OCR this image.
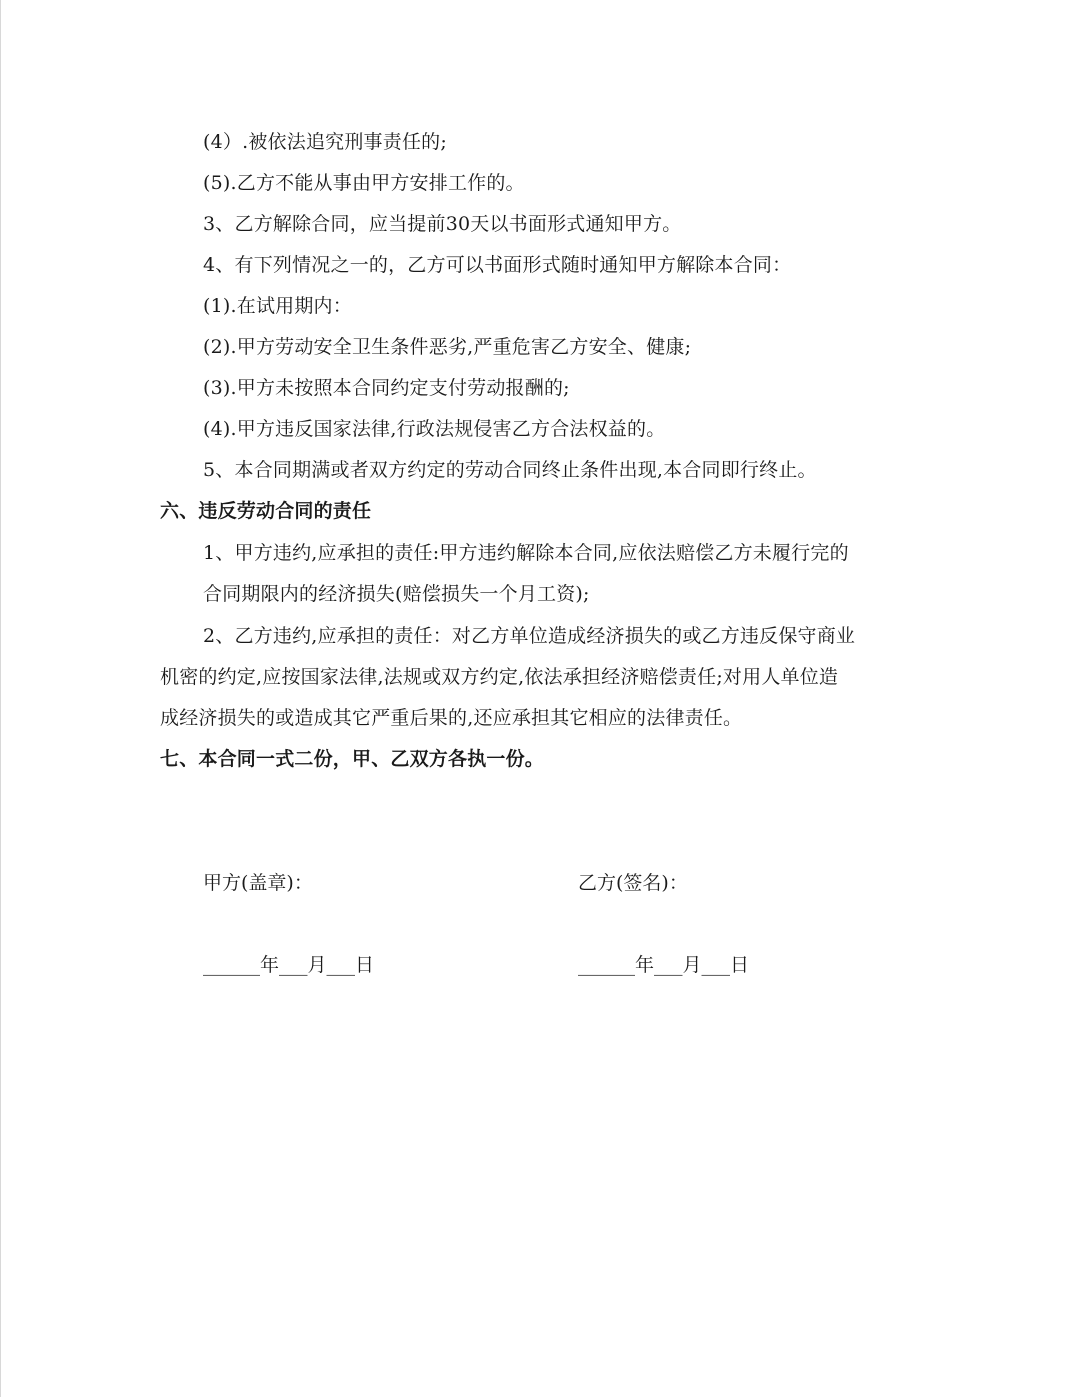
(4）.被依法追究刑事责任的;
(5).乙方不能从事由甲方安排工作的。
3、乙方解除合同，应当提前30天以书面形式通知甲方。
4、有下列情况之一的，乙方可以书面形式随时通知甲方解除本合同：
(1).在试用期内：
(2).甲方劳动安全卫生条件恶劣,严重危害乙方安全、健康;
(3).甲方未按照本合同约定支付劳动报酬的;
(4).甲方违反国家法律,行政法规侵害乙方合法权益的。
5、本合同期满或者双方约定的劳动合同终止条件出现,本合同即行终止。
六、违反劳动合同的责任
1、甲方违约,应承担的责任:甲方违约解除本合同,应依法赔偿乙方未履行完的
合同期限内的经济损失(赔偿损失一个月工资);
2、乙方违约,应承担的责任：对乙方单位造成经济损失的或乙方违反保守商业
机密的约定,应按国家法律,法规或双方约定,依法承担经济赔偿责任;对用人单位造
成经济损失的或造成其它严重后果的,还应承担其它相应的法律责任。
七、本合同一式二份，甲、乙双方各执一份。
甲方(盖章)：	乙方(签名)：
______年___月___日	______年___月___日
